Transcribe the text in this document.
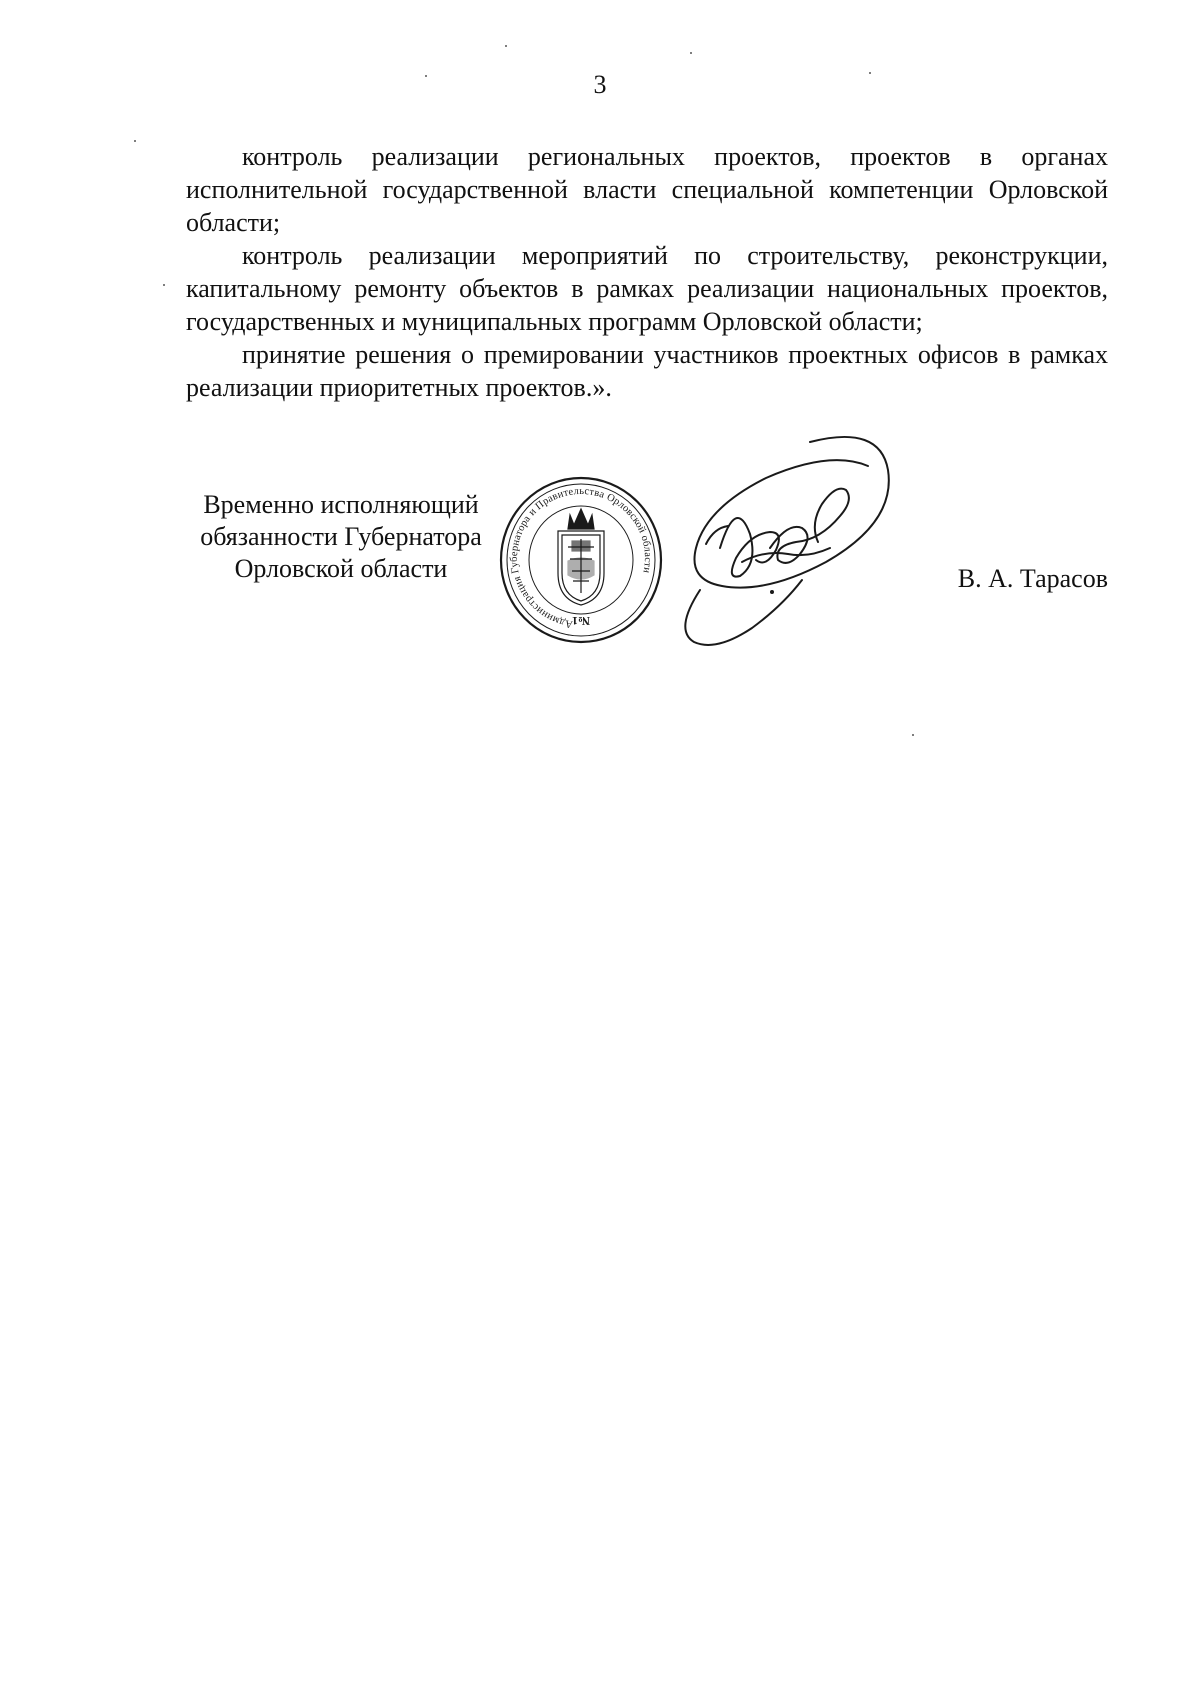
3

контроль реализации региональных проектов, проектов в органах исполнительной государственной власти специальной компетенции Орловской области;

контроль реализации мероприятий по строительству, реконструкции, капитальному ремонту объектов в рамках реализации национальных проектов, государственных и муниципальных программ Орловской области;

принятие решения о премировании участников проектных офисов в рамках реализации приоритетных проектов.».

Временно исполняющий
обязанности Губернатора
Орловской области
Администрация Губернатора и Правительства Орловской области
№1
В. А. Тарасов
